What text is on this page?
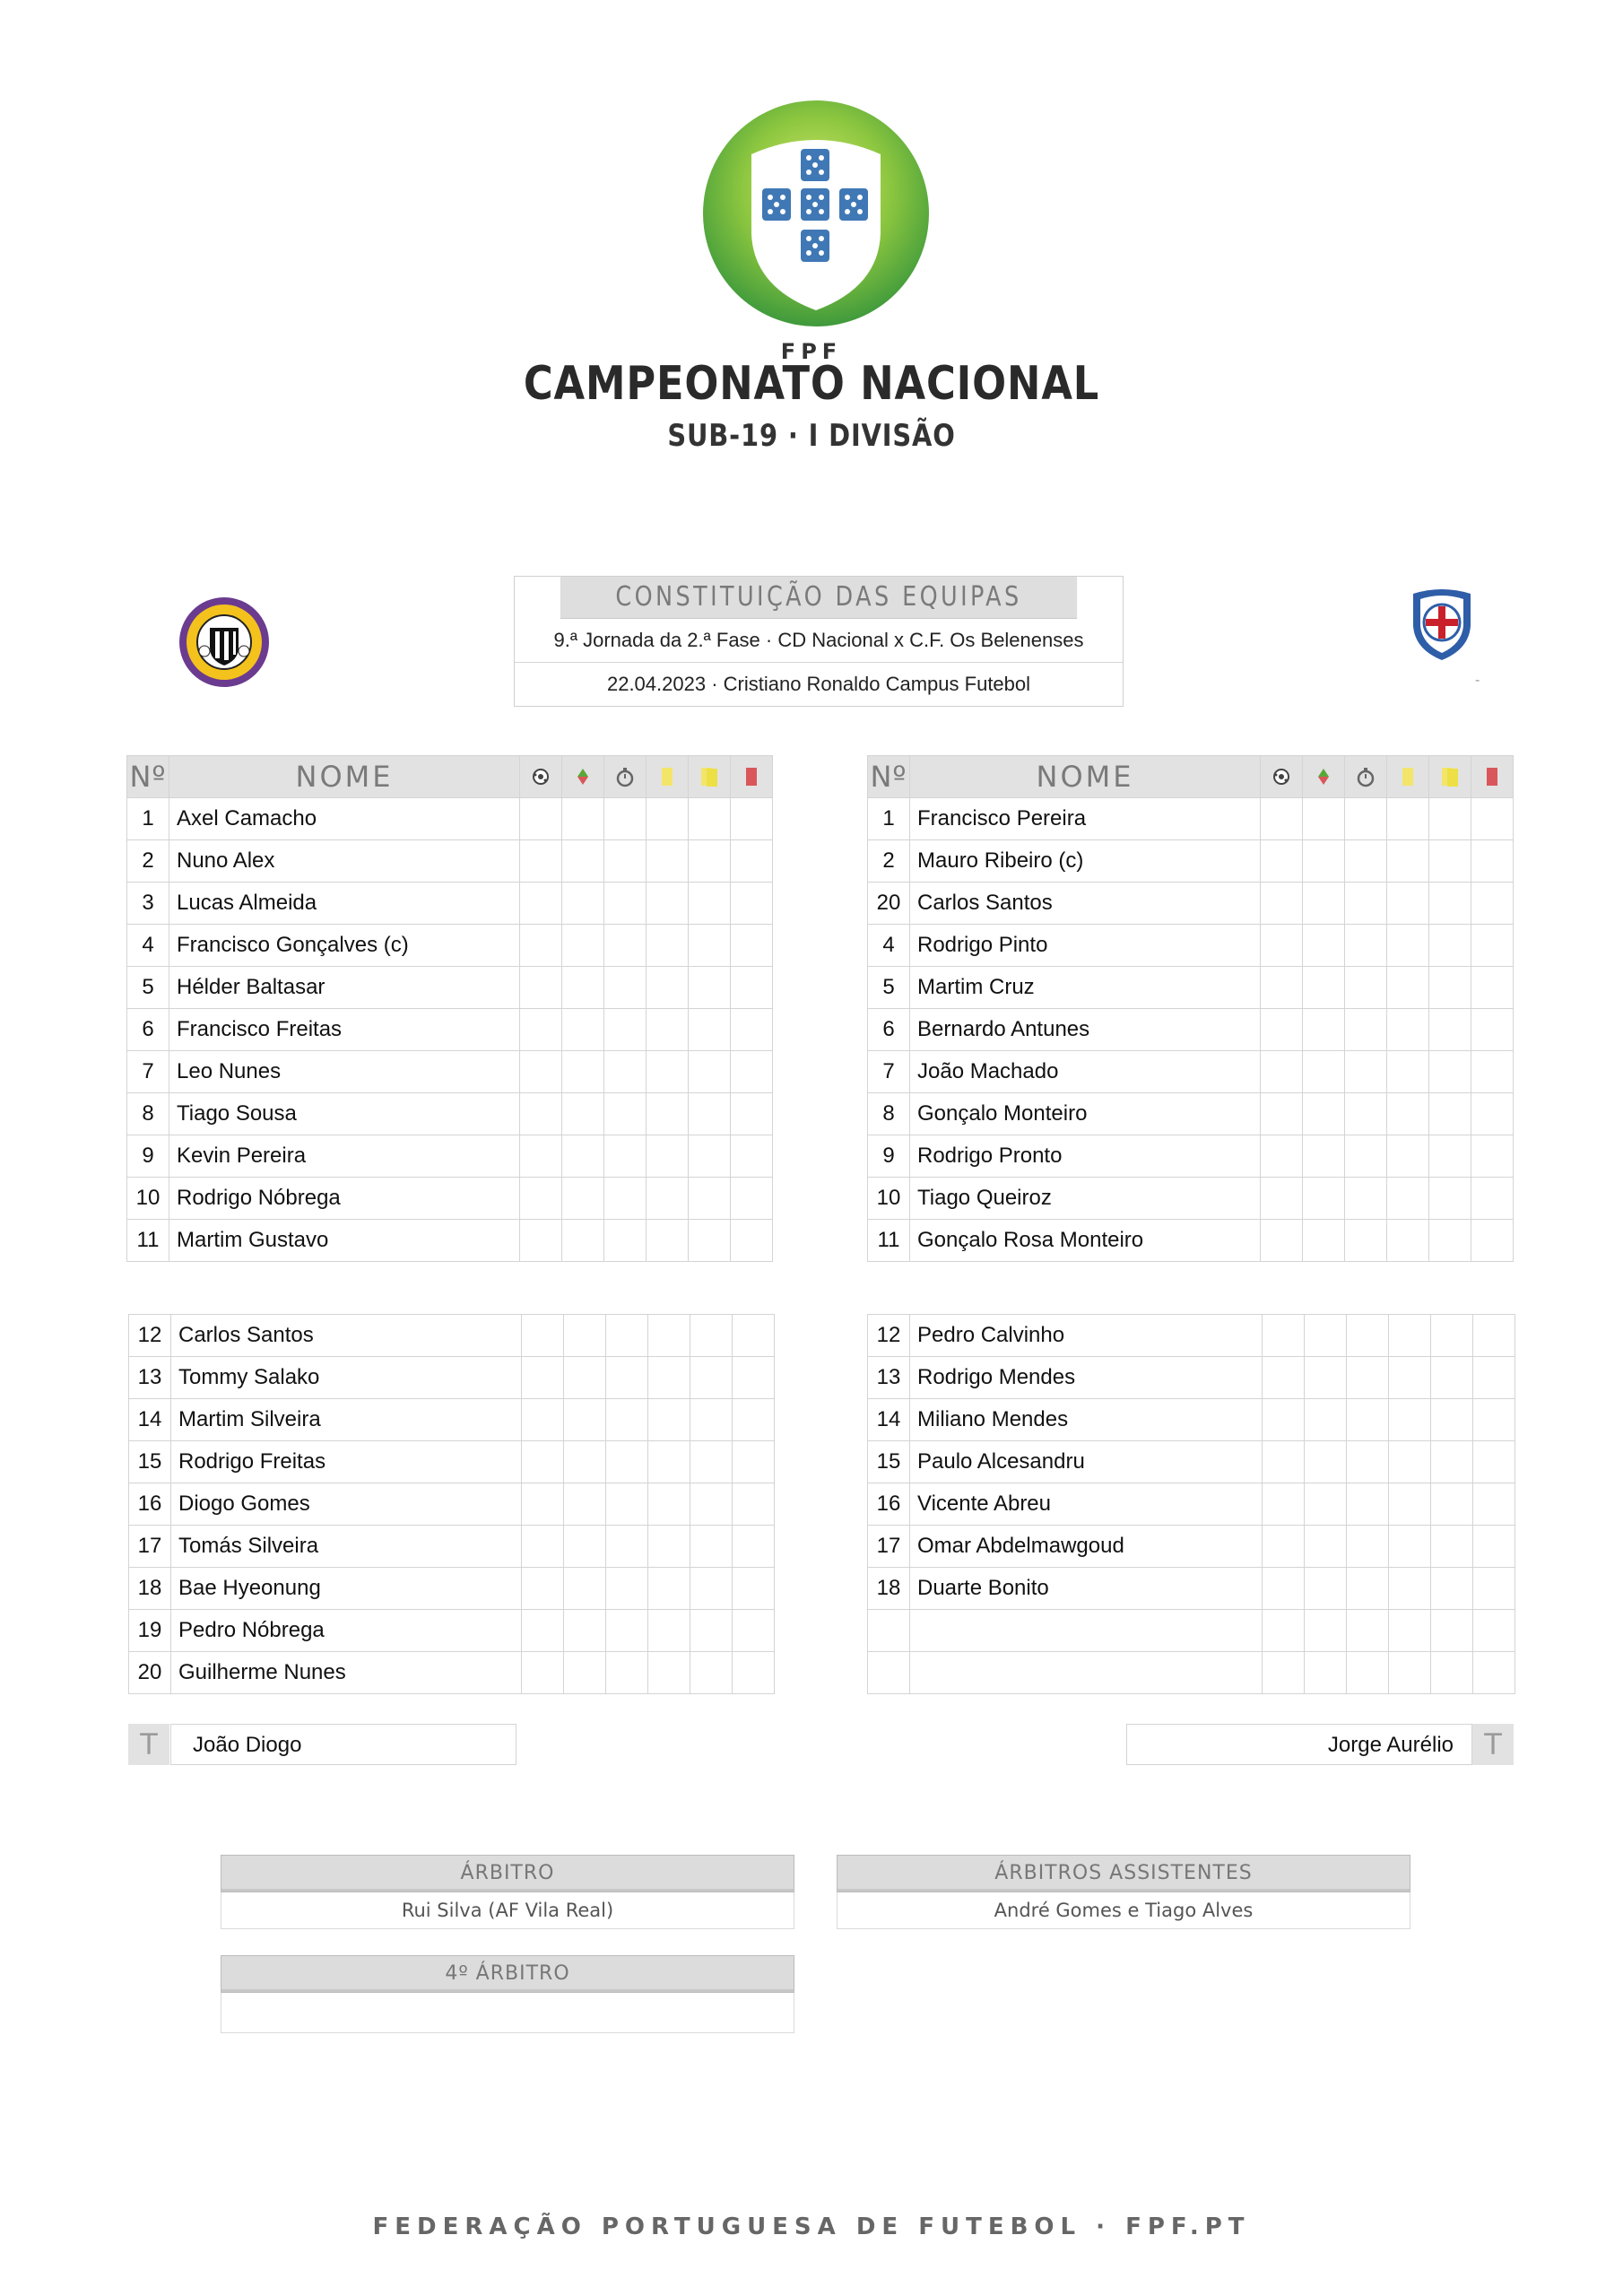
FPF
CAMPEONATO NACIONAL
SUB-19 · I DIVISÃO
-
CONSTITUIÇÃO DAS EQUIPAS
9.ª Jornada da 2.ª Fase · CD Nacional x C.F. Os Belenenses
22.04.2023 · Cristiano Ronaldo Campus Futebol
Nº	NOME	

1	Axel Camacho						
2	Nuno Alex						
3	Lucas Almeida						
4	Francisco Gonçalves (c)						
5	Hélder Baltasar						
6	Francisco Freitas						
7	Leo Nunes						
8	Tiago Sousa						
9	Kevin Pereira						
10	Rodrigo Nóbrega						
11	Martim Gustavo						
Nº	NOME	

1	Francisco Pereira						
2	Mauro Ribeiro (c)						
20	Carlos Santos						
4	Rodrigo Pinto						
5	Martim Cruz						
6	Bernardo Antunes						
7	João Machado						
8	Gonçalo Monteiro						
9	Rodrigo Pronto						
10	Tiago Queiroz						
11	Gonçalo Rosa Monteiro						
12	Carlos Santos						
13	Tommy Salako						
14	Martim Silveira						
15	Rodrigo Freitas						
16	Diogo Gomes						
17	Tomás Silveira						
18	Bae Hyeonung						
19	Pedro Nóbrega						
20	Guilherme Nunes						
12	Pedro Calvinho						
13	Rodrigo Mendes						
14	Miliano Mendes						
15	Paulo Alcesandru						
16	Vicente Abreu						
17	Omar Abdelmawgoud						
18	Duarte Bonito						

T	João Diogo	Jorge Aurélio	T
ÁRBITRO
Rui Silva (AF Vila Real)
ÁRBITROS ASSISTENTES
André Gomes e Tiago Alves
4º ÁRBITRO
FEDERAÇÃO PORTUGUESA DE FUTEBOL · FPF.PT
